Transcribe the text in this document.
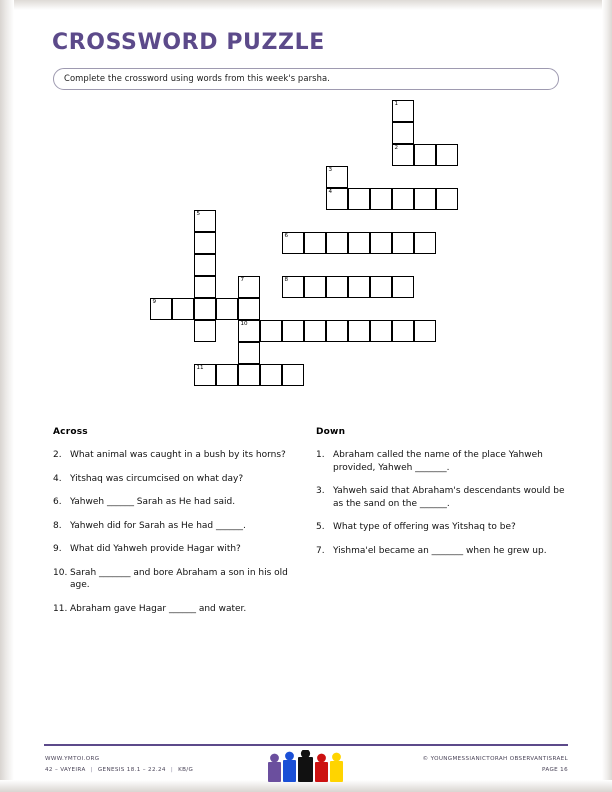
CROSSWORD PUZZLE
Complete the crossword using words from this week's parsha.
1
2
3
4
5
6
7
10
8
9
11
Across
2. What animal was caught in a bush by its horns?
4. Yitshaq was circumcised on what day?
6. Yahweh ______ Sarah as He had said.
8. Yahweh did for Sarah as He had ______.
9. What did Yahweh provide Hagar with?
10. Sarah _______ and bore Abraham a son in his old age.
11. Abraham gave Hagar ______ and water.
Down
1. Abraham called the name of the place Yahweh provided, Yahweh _______.
3. Yahweh said that Abraham's descendants would be as the sand on the ______.
5. What type of offering was Yitshaq to be?
7. Yishma'el became an _______ when he grew up.
WWW.YMTOI.ORG
42 – VAYEIRA | GENESIS 18.1 – 22.24 | KB/G
© YOUNGMESSIANICTORAH OBSERVANTISRAEL
PAGE 16
